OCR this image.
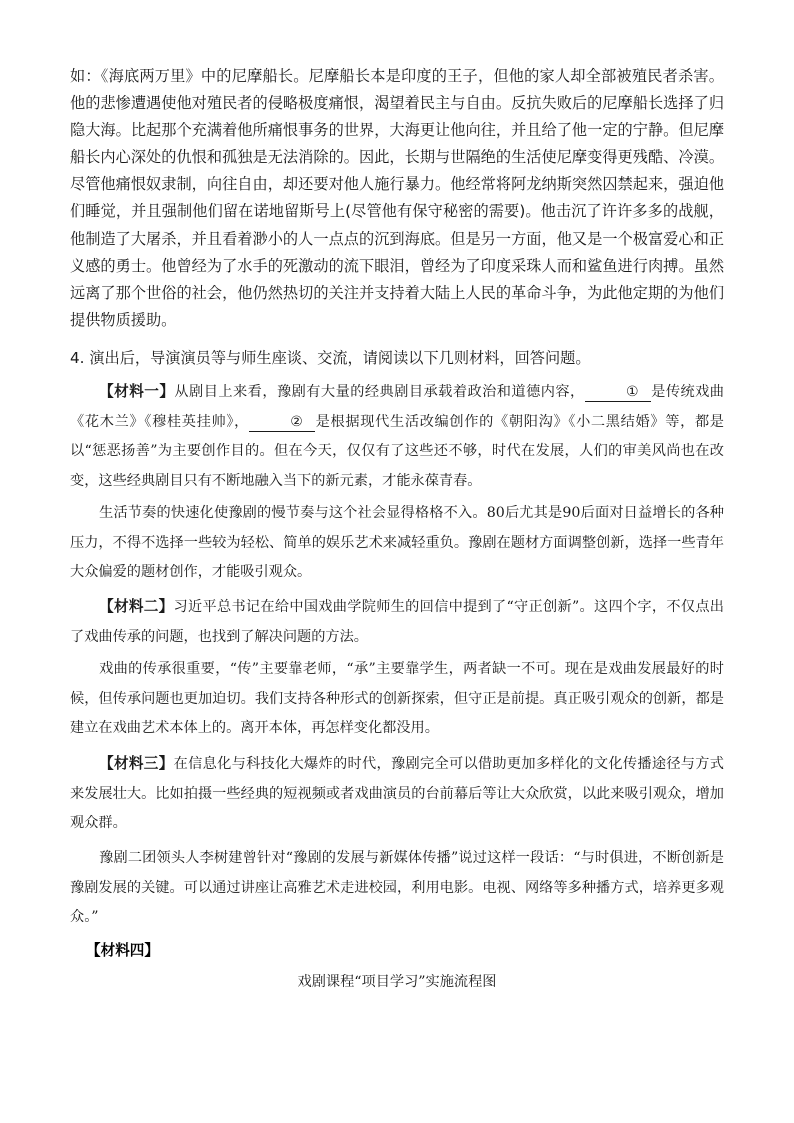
如：《海底两万里》中的尼摩船长。尼摩船长本是印度的王子，但他的家人却全部被殖民者杀害。他的悲惨遭遇使他对殖民者的侵略极度痛恨，渴望着民主与自由。反抗失败后的尼摩船长选择了归隐大海。比起那个充满着他所痛恨事务的世界，大海更让他向往，并且给了他一定的宁静。但尼摩船长内心深处的仇恨和孤独是无法消除的。因此，长期与世隔绝的生活使尼摩变得更残酷、冷漠。尽管他痛恨奴隶制，向往自由，却还要对他人施行暴力。他经常将阿龙纳斯突然囚禁起来，强迫他们睡觉，并且强制他们留在诺地留斯号上(尽管他有保守秘密的需要)。他击沉了许许多多的战舰，他制造了大屠杀，并且看着渺小的人一点点的沉到海底。但是另一方面，他又是一个极富爱心和正义感的勇士。他曾经为了水手的死激动的流下眼泪，曾经为了印度采珠人而和鲨鱼进行肉搏。虽然远离了那个世俗的社会，他仍然热切的关注并支持着大陆上人民的革命斗争，为此他定期的为他们提供物质援助。

4. 演出后，导演演员等与师生座谈、交流，请阅读以下几则材料，回答问题。

【材料一】从剧目上来看，豫剧有大量的经典剧目承载着政治和道德内容，	① 是传统戏曲《花木兰》《穆桂英挂帅》，	② 是根据现代生活改编创作的《朝阳沟》《小二黑结婚》等，都是以“惩恶扬善”为主要创作目的。但在今天，仅仅有了这些还不够，时代在发展，人们的审美风尚也在改变，这些经典剧目只有不断地融入当下的新元素，才能永葆青春。

生活节奏的快速化使豫剧的慢节奏与这个社会显得格格不入。80后尤其是90后面对日益增长的各种压力，不得不选择一些较为轻松、简单的娱乐艺术来减轻重负。豫剧在题材方面调整创新，选择一些青年大众偏爱的题材创作，才能吸引观众。

【材料二】习近平总书记在给中国戏曲学院师生的回信中提到了“守正创新”。这四个字，不仅点出了戏曲传承的问题，也找到了解决问题的方法。

戏曲的传承很重要，“传”主要靠老师，“承”主要靠学生，两者缺一不可。现在是戏曲发展最好的时候，但传承问题也更加迫切。我们支持各种形式的创新探索，但守正是前提。真正吸引观众的创新，都是建立在戏曲艺术本体上的。离开本体，再怎样变化都没用。

【材料三】在信息化与科技化大爆炸的时代，豫剧完全可以借助更加多样化的文化传播途径与方式来发展壮大。比如拍摄一些经典的短视频或者戏曲演员的台前幕后等让大众欣赏，以此来吸引观众，增加观众群。

豫剧二团领头人李树建曾针对“豫剧的发展与新媒体传播”说过这样一段话：“与时俱进，不断创新是豫剧发展的关键。可以通过讲座让高雅艺术走进校园，利用电影。电视、网络等多种播方式，培养更多观众。”

【材料四】
戏剧课程“项目学习”实施流程图
